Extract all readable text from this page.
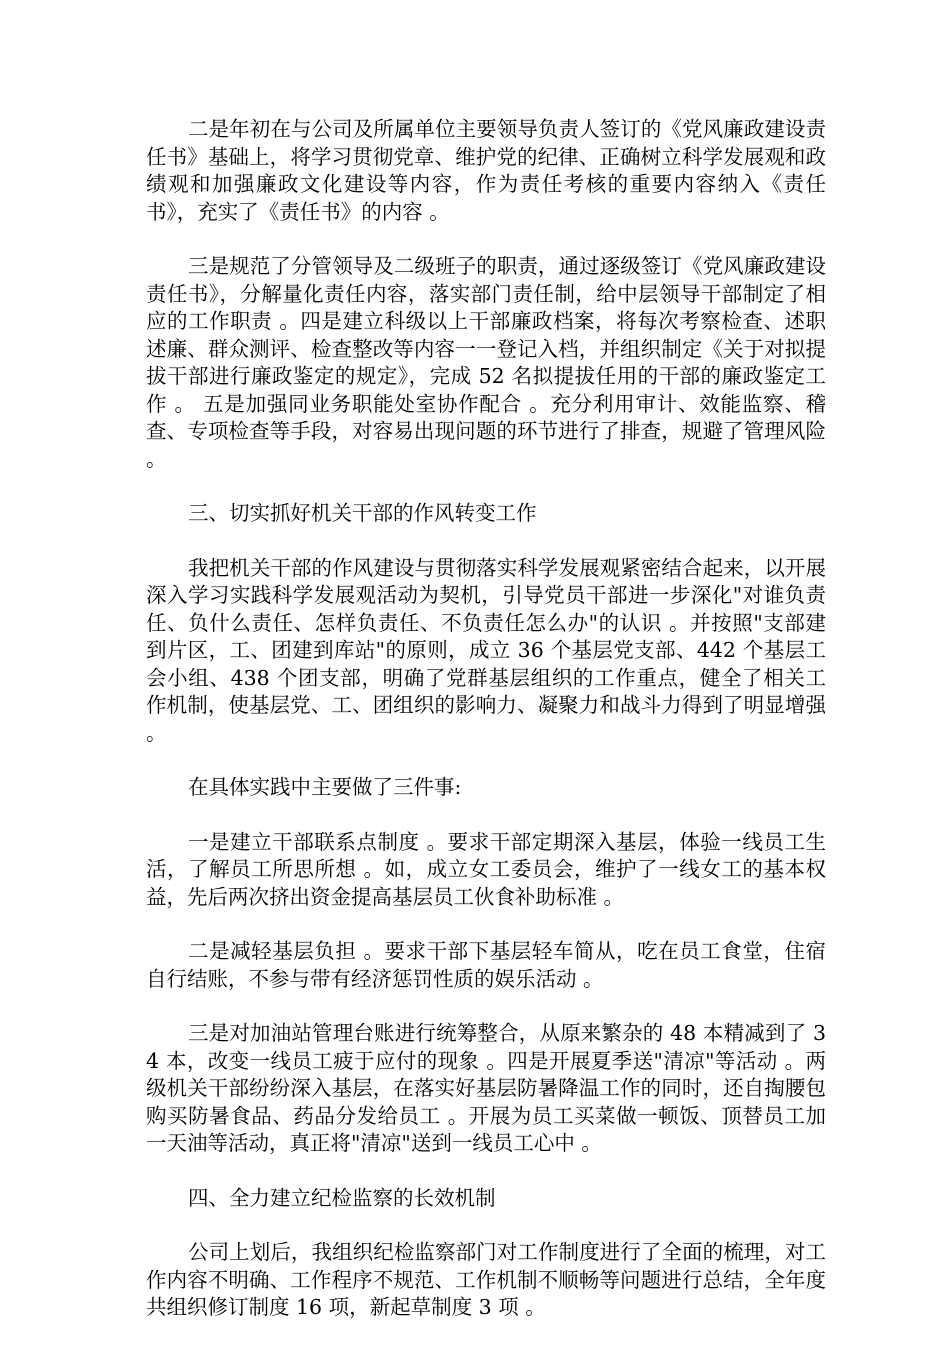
二是年初在与公司及所属单位主要领导负责人签订的《党风廉政建设责任书》基础上，将学习贯彻党章、维护党的纪律、正确树立科学发展观和政绩观和加强廉政文化建设等内容，作为责任考核的重要内容纳入《责任书》，充实了《责任书》的内容 。

三是规范了分管领导及二级班子的职责，通过逐级签订《党风廉政建设责任书》，分解量化责任内容，落实部门责任制，给中层领导干部制定了相应的工作职责 。四是建立科级以上干部廉政档案，将每次考察检查、述职述廉、群众测评、检查整改等内容一一登记入档，并组织制定《关于对拟提拔干部进行廉政鉴定的规定》，完成 52 名拟提拔任用的干部的廉政鉴定工作 。 五是加强同业务职能处室协作配合 。充分利用审计、效能监察、稽查、专项检查等手段，对容易出现问题的环节进行了排查，规避了管理风险 。

三、切实抓好机关干部的作风转变工作

我把机关干部的作风建设与贯彻落实科学发展观紧密结合起来，以开展深入学习实践科学发展观活动为契机，引导党员干部进一步深化"对谁负责任、负什么责任、怎样负责任、不负责任怎么办"的认识 。并按照"支部建到片区，工、团建到库站"的原则，成立 36 个基层党支部、442 个基层工会小组、438 个团支部，明确了党群基层组织的工作重点，健全了相关工作机制，使基层党、工、团组织的影响力、凝聚力和战斗力得到了明显增强 。

在具体实践中主要做了三件事:

一是建立干部联系点制度 。要求干部定期深入基层，体验一线员工生活，了解员工所思所想 。如，成立女工委员会，维护了一线女工的基本权益，先后两次挤出资金提高基层员工伙食补助标准 。

二是减轻基层负担 。要求干部下基层轻车简从，吃在员工食堂，住宿自行结账，不参与带有经济惩罚性质的娱乐活动 。

三是对加油站管理台账进行统筹整合，从原来繁杂的 48 本精减到了 34 本，改变一线员工疲于应付的现象 。四是开展夏季送"清凉"等活动 。两级机关干部纷纷深入基层，在落实好基层防暑降温工作的同时，还自掏腰包购买防暑食品、药品分发给员工 。开展为员工买菜做一顿饭、顶替员工加一天油等活动，真正将"清凉"送到一线员工心中 。

四、全力建立纪检监察的长效机制

公司上划后，我组织纪检监察部门对工作制度进行了全面的梳理，对工作内容不明确、工作程序不规范、工作机制不顺畅等问题进行总结，全年度共组织修订制度 16 项，新起草制度 3 项 。
